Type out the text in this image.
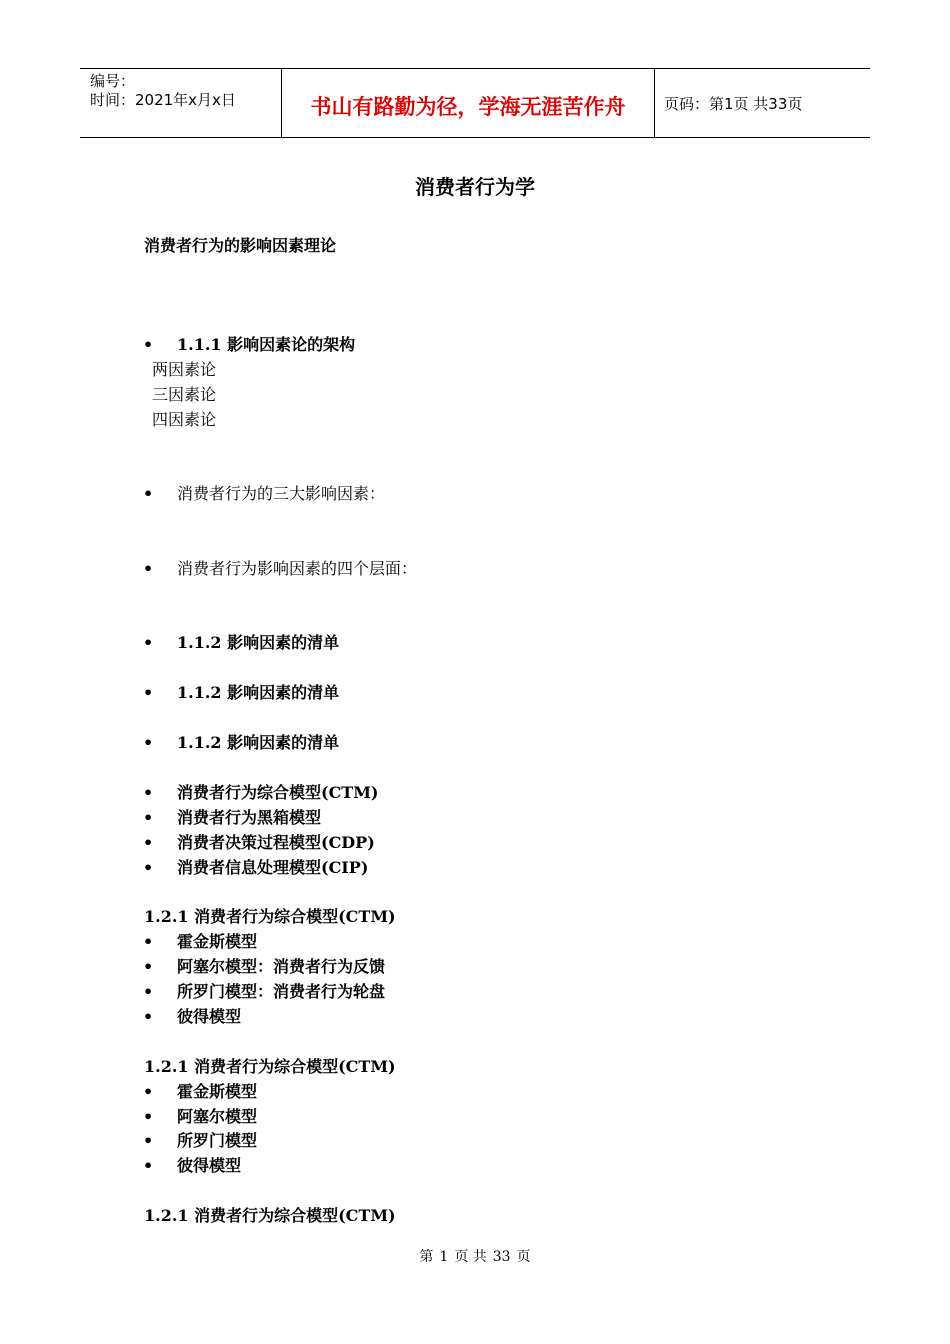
编号：
时间：2021年x月x日	书山有路勤为径，学海无涯苦作舟	页码：第1页 共33页
消费者行为学
消费者行为的影响因素理论
• 1.1.1 影响因素论的架构
两因素论
三因素论
四因素论
• 消费者行为的三大影响因素：
• 消费者行为影响因素的四个层面：
• 1.1.2 影响因素的清单
• 1.1.2 影响因素的清单
• 1.1.2 影响因素的清单
• 消费者行为综合模型(CTM)
• 消费者行为黑箱模型
• 消费者决策过程模型(CDP)
• 消费者信息处理模型(CIP)
1.2.1 消费者行为综合模型(CTM)
• 霍金斯模型
• 阿塞尔模型：消费者行为反馈
• 所罗门模型：消费者行为轮盘
• 彼得模型
1.2.1 消费者行为综合模型(CTM)
• 霍金斯模型
• 阿塞尔模型
• 所罗门模型
• 彼得模型
1.2.1 消费者行为综合模型(CTM)
第 1 页 共 33 页
